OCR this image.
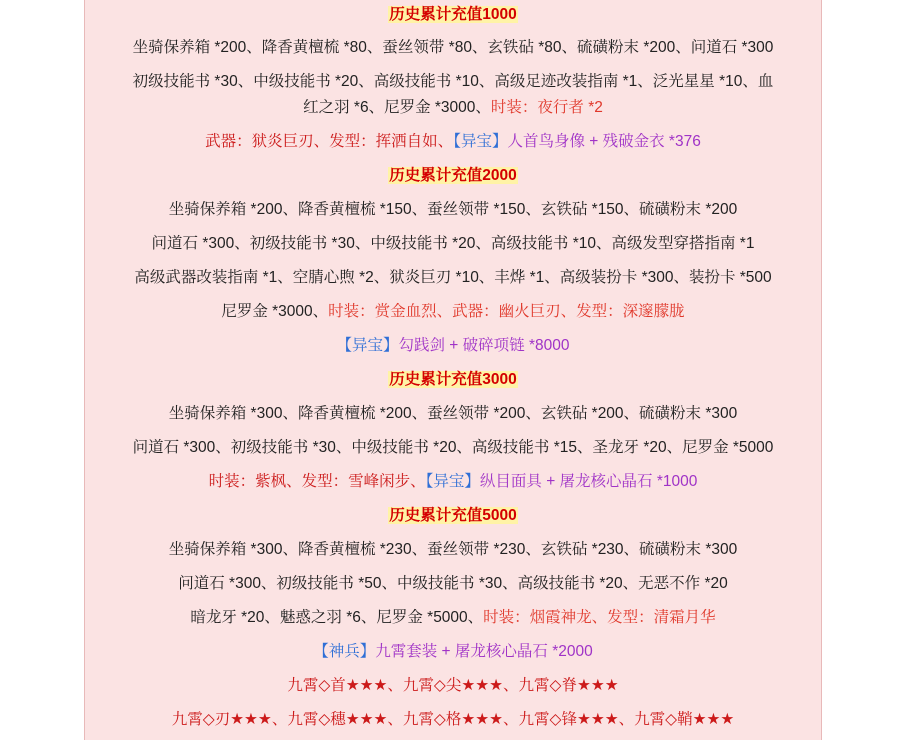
历史累计充值1000
坐骑保养箱 *200、降香黄檀梳 *80、蚕丝领带 *80、玄铁砧 *80、硫磺粉末 *200、问道石 *300
初级技能书 *30、中级技能书 *20、高级技能书 *10、高级足迹改装指南 *1、泛光星星 *10、血
红之羽 *6、尼罗金 *3000、时装：夜行者 *2
武器：狱炎巨刃、发型：挥洒自如、【异宝】人首鸟身像 + 残破金衣 *376
历史累计充值2000
坐骑保养箱 *200、降香黄檀梳 *150、蚕丝领带 *150、玄铁砧 *150、硫磺粉末 *200
问道石 *300、初级技能书 *30、中级技能书 *20、高级技能书 *10、高级发型穿搭指南 *1
高级武器改装指南 *1、空腈心煦 *2、狱炎巨刃 *10、丰烨 *1、高级装扮卡 *300、装扮卡 *500
尼罗金 *3000、时装：赏金血烈、武器：幽火巨刃、发型：深邃朦胧
【异宝】勾践剑 + 破碎项链 *8000
历史累计充值3000
坐骑保养箱 *300、降香黄檀梳 *200、蚕丝领带 *200、玄铁砧 *200、硫磺粉末 *300
问道石 *300、初级技能书 *30、中级技能书 *20、高级技能书 *15、圣龙牙 *20、尼罗金 *5000
时装：紫枫、发型：雪峰闲步、【异宝】纵目面具 + 屠龙核心晶石 *1000
历史累计充值5000
坐骑保养箱 *300、降香黄檀梳 *230、蚕丝领带 *230、玄铁砧 *230、硫磺粉末 *300
问道石 *300、初级技能书 *50、中级技能书 *30、高级技能书 *20、无恶不作 *20
暗龙牙 *20、魅惑之羽 *6、尼罗金 *5000、时装：烟霞神龙、发型：清霜月华
【神兵】九霄套装 + 屠龙核心晶石 *2000
九霄◇首★★★、九霄◇尖★★★、九霄◇脊★★★
九霄◇刃★★★、九霄◇穗★★★、九霄◇格★★★、九霄◇锋★★★、九霄◇鞘★★★
